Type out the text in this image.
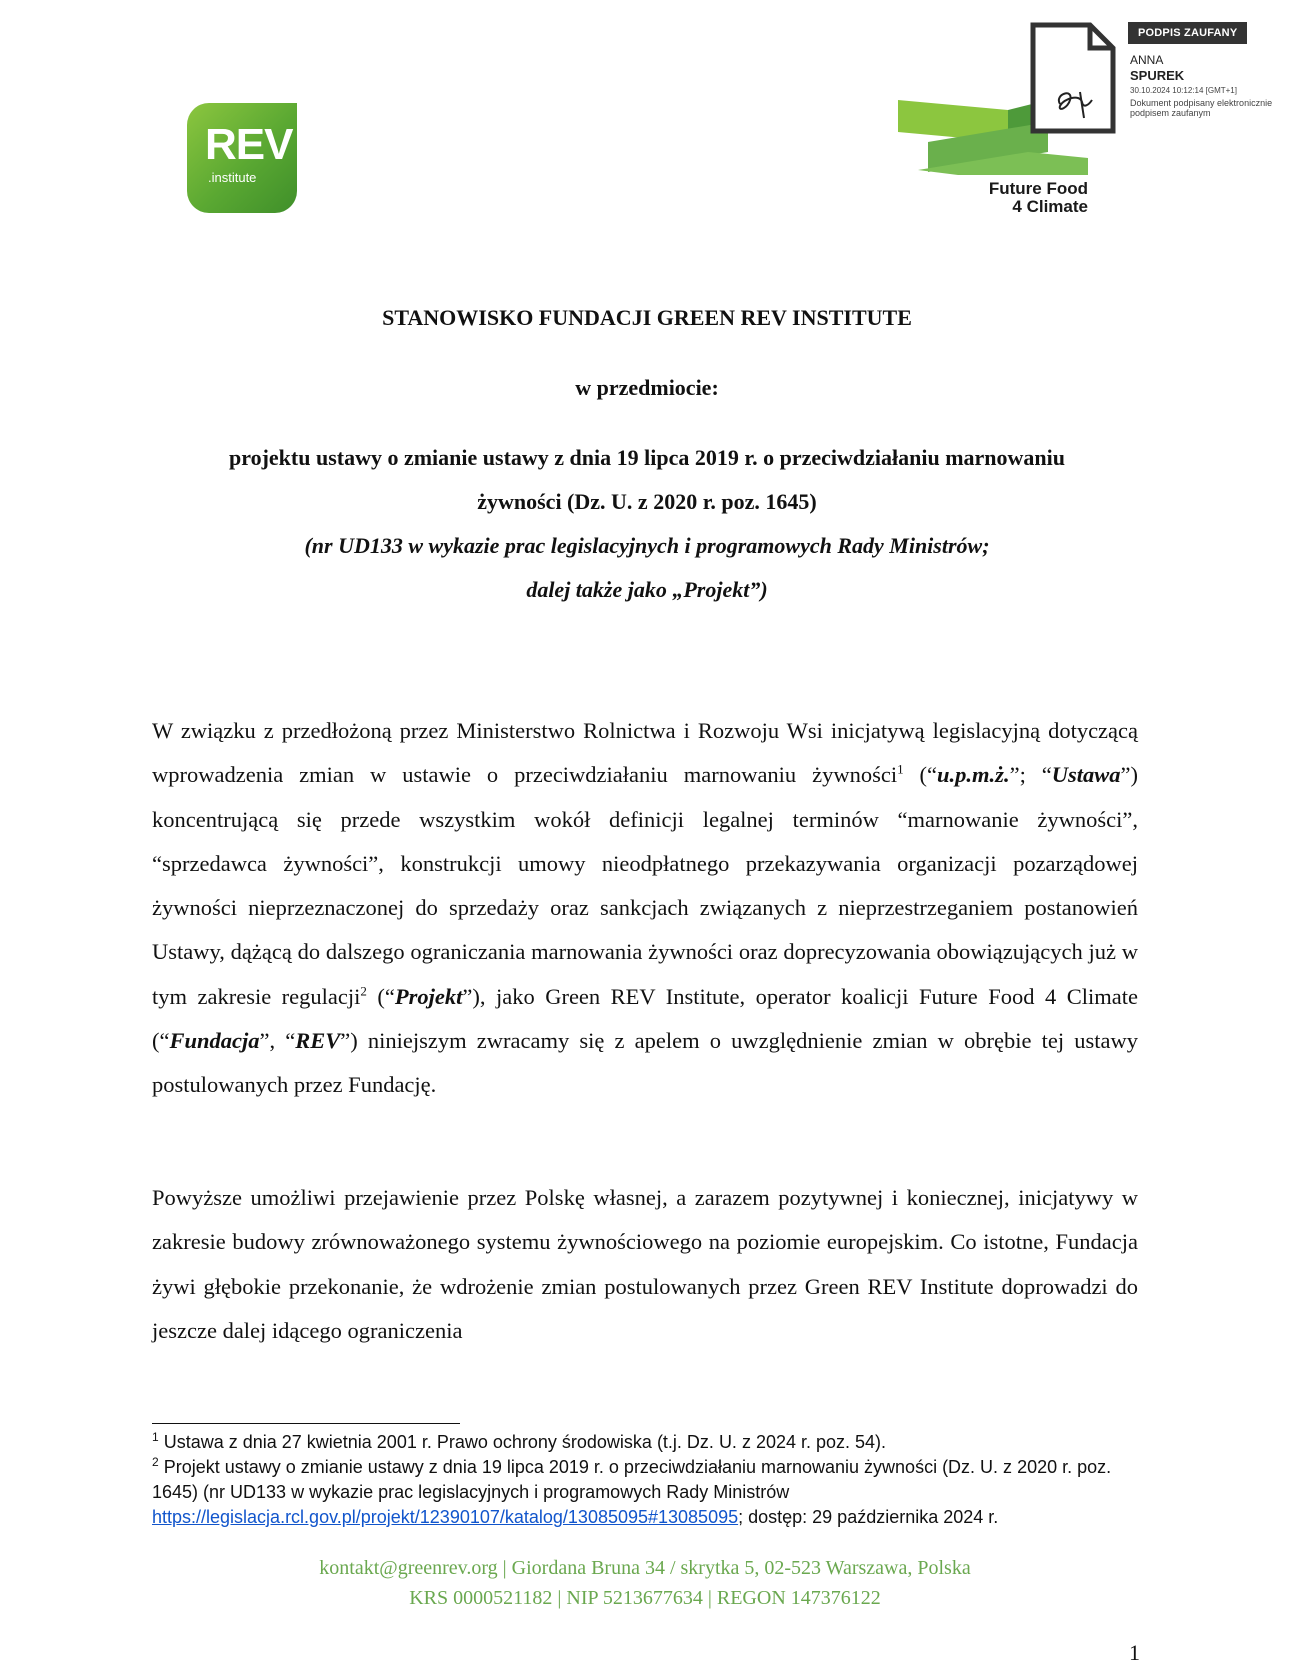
REV
.institute
Future Food
4 Climate
PODPIS ZAUFANY
ANNA
SPUREK
30.10.2024 10:12:14 [GMT+1]
Dokument podpisany elektronicznie podpisem zaufanym
STANOWISKO FUNDACJI GREEN REV INSTITUTE
w przedmiocie:
projektu ustawy o zmianie ustawy z dnia 19 lipca 2019 r. o przeciwdziałaniu marnowaniu
żywności (Dz. U. z 2020 r. poz. 1645)
(nr UD133 w wykazie prac legislacyjnych i programowych Rady Ministrów;
dalej także jako „Projekt”)

W związku z przedłożoną przez Ministerstwo Rolnictwa i Rozwoju Wsi inicjatywą legislacyjną dotyczącą wprowadzenia zmian w ustawie o przeciwdziałaniu marnowaniu żywności$^1$ (“u.p.m.ż.”; “Ustawa”) koncentrującą się przede wszystkim wokół definicji legalnej terminów “marnowanie żywności”, “sprzedawca żywności”, konstrukcji umowy nieodpłatnego przekazywania organizacji pozarządowej żywności nieprzeznaczonej do sprzedaży oraz sankcjach związanych z nieprzestrzeganiem postanowień Ustawy, dążącą do dalszego ograniczania marnowania żywności oraz doprecyzowania obowiązujących już w tym zakresie regulacji$^2$ (“Projekt”), jako Green REV Institute, operator koalicji Future Food 4 Climate (“Fundacja”, “REV”) niniejszym zwracamy się z apelem o uwzględnienie zmian w obrębie tej ustawy postulowanych przez Fundację.

Powyższe umożliwi przejawienie przez Polskę własnej, a zarazem pozytywnej i koniecznej, inicjatywy w zakresie budowy zrównoważonego systemu żywnościowego na poziomie europejskim. Co istotne, Fundacja żywi głębokie przekonanie, że wdrożenie zmian postulowanych przez Green REV Institute doprowadzi do jeszcze dalej idącego ograniczenia

$^1$ Ustawa z dnia 27 kwietnia 2001 r. Prawo ochrony środowiska (t.j. Dz. U. z 2024 r. poz. 54).

$^2$ Projekt ustawy o zmianie ustawy z dnia 19 lipca 2019 r. o przeciwdziałaniu marnowaniu żywności (Dz. U. z 2020 r. poz. 1645) (nr UD133 w wykazie prac legislacyjnych i programowych Rady Ministrów https://legislacja.rcl.gov.pl/projekt/12390107/katalog/13085095#13085095; dostęp: 29 października 2024 r.

kontakt@greenrev.org | Giordana Bruna 34 / skrytka 5, 02-523 Warszawa, Polska
KRS 0000521182 | NIP 5213677634 | REGON 147376122
1
